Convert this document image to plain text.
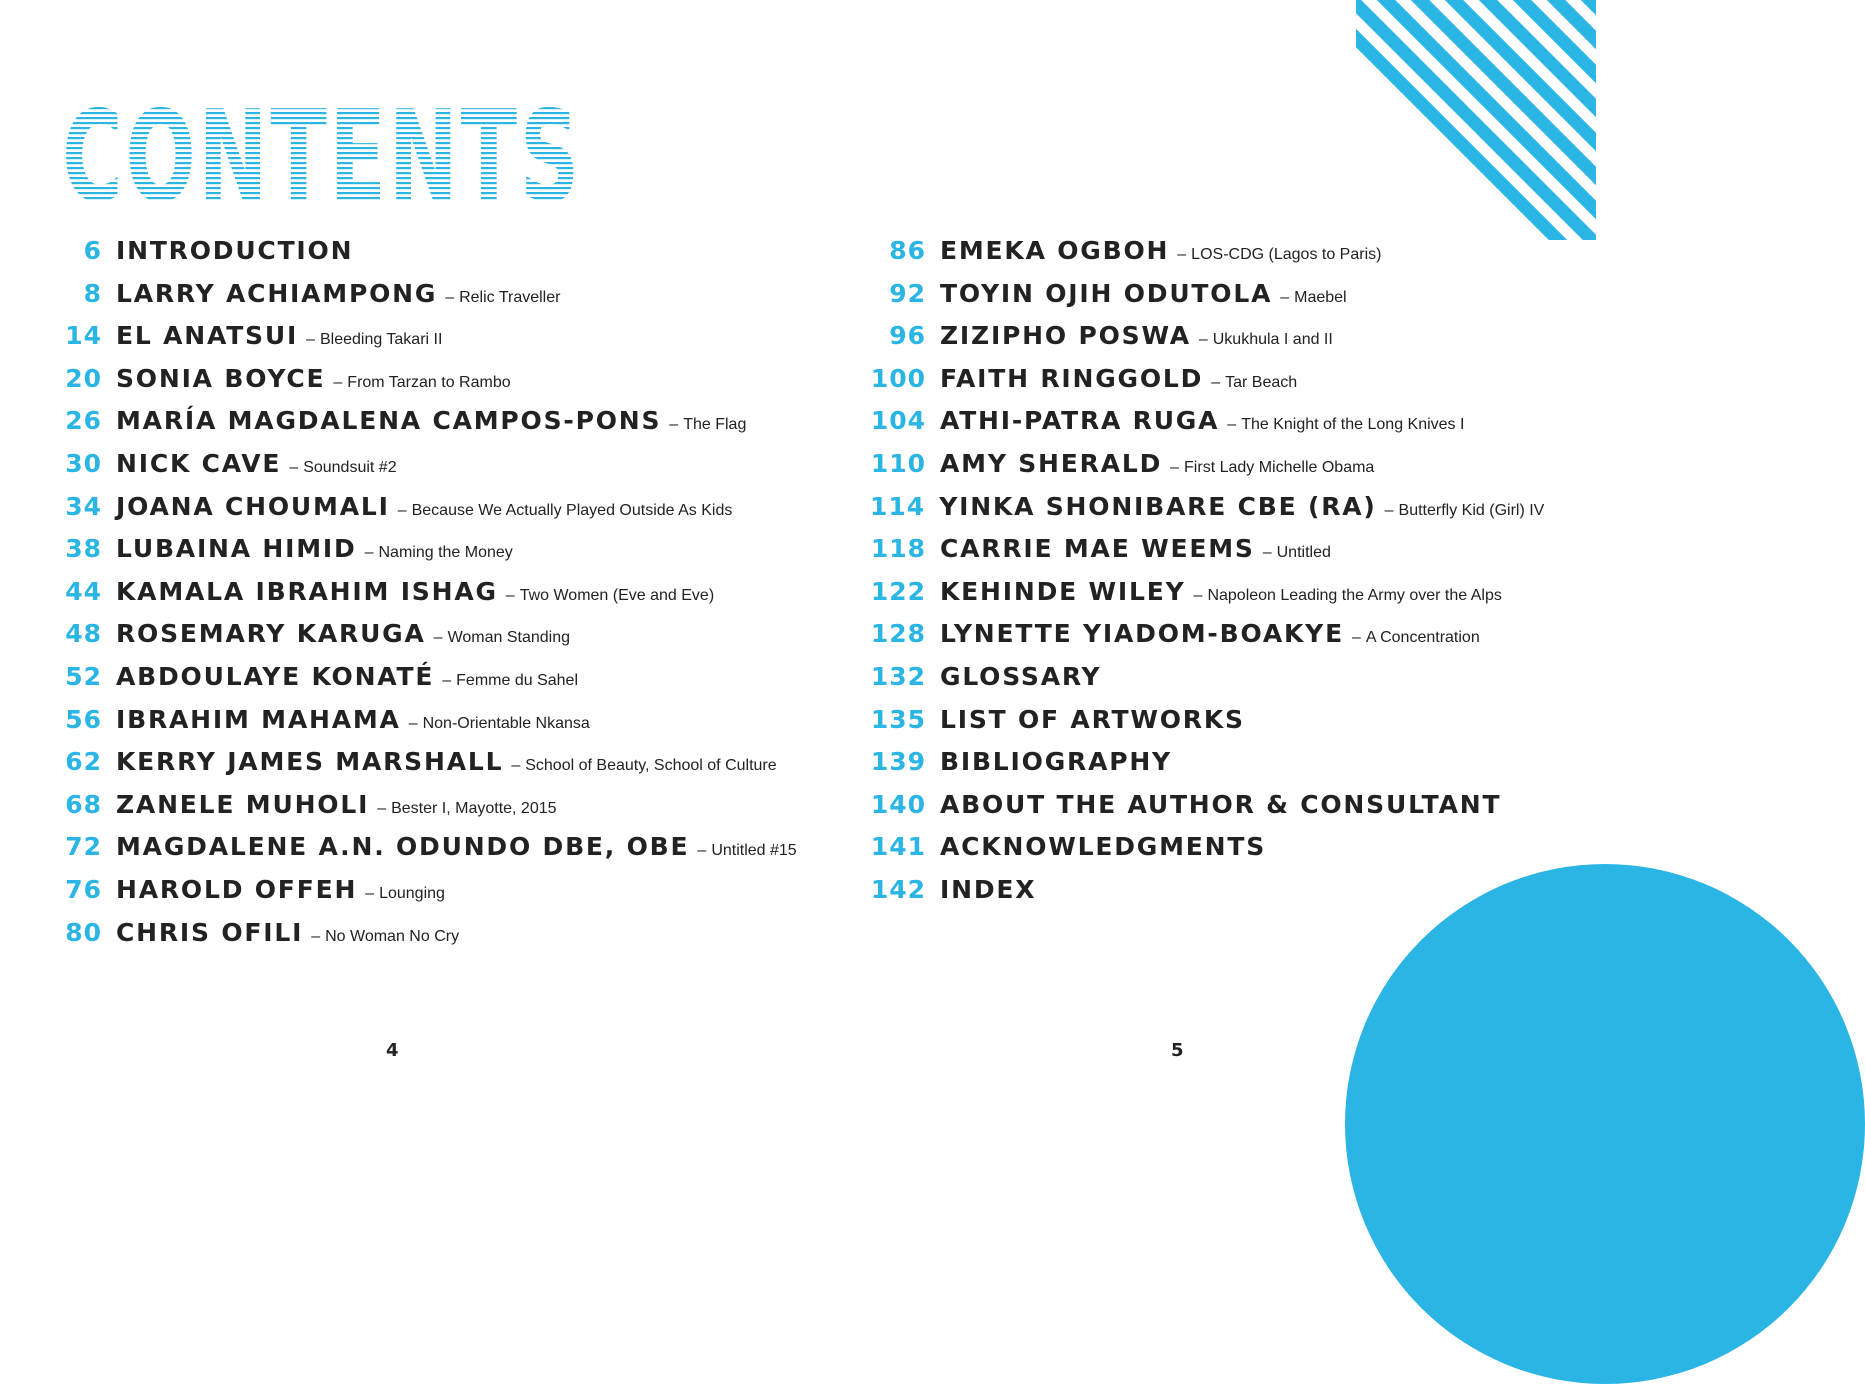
CONTENTS
6 INTRODUCTION
8 LARRY ACHIAMPONG – Relic Traveller
14 EL ANATSUI – Bleeding Takari II
20 SONIA BOYCE – From Tarzan to Rambo
26 MARÍA MAGDALENA CAMPOS-PONS – The Flag
30 NICK CAVE – Soundsuit #2
34 JOANA CHOUMALI – Because We Actually Played Outside As Kids
38 LUBAINA HIMID – Naming the Money
44 KAMALA IBRAHIM ISHAG – Two Women (Eve and Eve)
48 ROSEMARY KARUGA – Woman Standing
52 ABDOULAYE KONATÉ – Femme du Sahel
56 IBRAHIM MAHAMA – Non-Orientable Nkansa
62 KERRY JAMES MARSHALL – School of Beauty, School of Culture
68 ZANELE MUHOLI – Bester I, Mayotte, 2015
72 MAGDALENE A.N. ODUNDO DBE, OBE – Untitled #15
76 HAROLD OFFEH – Lounging
80 CHRIS OFILI – No Woman No Cry
86 EMEKA OGBOH – LOS-CDG (Lagos to Paris)
92 TOYIN OJIH ODUTOLA – Maebel
96 ZIZIPHO POSWA – Ukukhula I and II
100 FAITH RINGGOLD – Tar Beach
104 ATHI-PATRA RUGA – The Knight of the Long Knives I
110 AMY SHERALD – First Lady Michelle Obama
114 YINKA SHONIBARE CBE (RA) – Butterfly Kid (Girl) IV
118 CARRIE MAE WEEMS – Untitled
122 KEHINDE WILEY – Napoleon Leading the Army over the Alps
128 LYNETTE YIADOM-BOAKYE – A Concentration
132 GLOSSARY
135 LIST OF ARTWORKS
139 BIBLIOGRAPHY
140 ABOUT THE AUTHOR & CONSULTANT
141 ACKNOWLEDGMENTS
142 INDEX
4	5
